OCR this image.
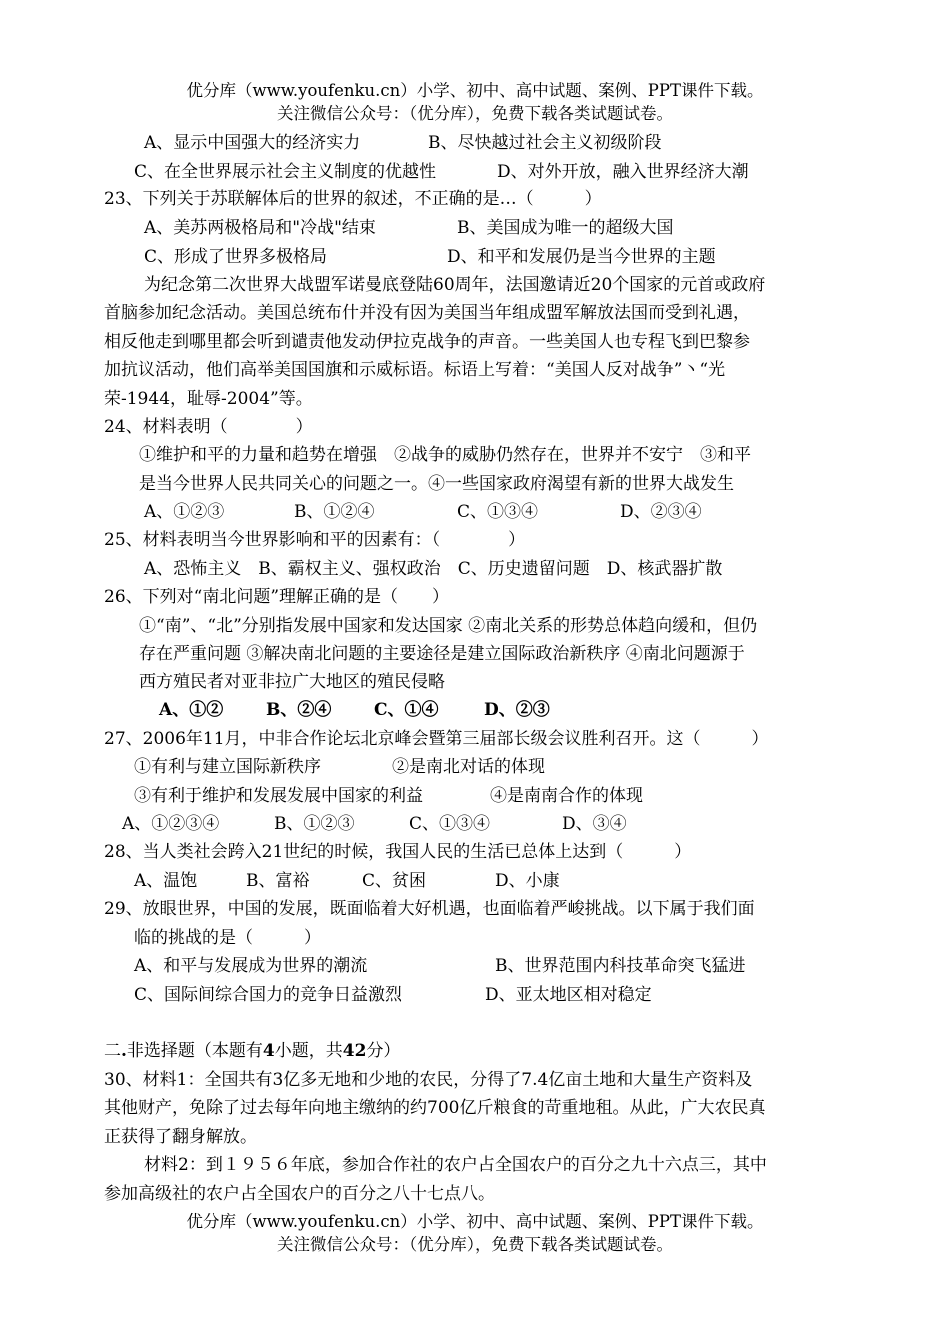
优分库（www.youfenku.cn）小学、初中、高中试题、案例、PPT课件下载。
关注微信公众号：（优分库），免费下载各类试题试卷。
A、显示中国强大的经济实力	B、尽快越过社会主义初级阶段
C、在全世界展示社会主义制度的优越性	D、对外开放，融入世界经济大潮
23、下列关于苏联解体后的世界的叙述，不正确的是…（　　　）
A、美苏两极格局和"冷战"结束	B、美国成为唯一的超级大国
C、形成了世界多极格局	D、和平和发展仍是当今世界的主题
为纪念第二次世界大战盟军诺曼底登陆60周年，法国邀请近20个国家的元首或政府
首脑参加纪念活动。美国总统布什并没有因为美国当年组成盟军解放法国而受到礼遇，
相反他走到哪里都会听到谴责他发动伊拉克战争的声音。一些美国人也专程飞到巴黎参
加抗议活动，他们高举美国国旗和示威标语。标语上写着：“美国人反对战争”丶“光
荣-1944，耻辱-2004”等。
24、材料表明（　　　　）
①维护和平的力量和趋势在增强　②战争的威胁仍然存在，世界并不安宁　③和平
是当今世界人民共同关心的问题之一。④一些国家政府渴望有新的世界大战发生
A、①②③	B、①②④	C、①③④	D、②③④
25、材料表明当今世界影响和平的因素有：（　　　　）
A、恐怖主义　B、霸权主义、强权政治　C、历史遗留问题　D、核武器扩散
26、下列对“南北问题”理解正确的是（　　）
①“南”、“北”分别指发展中国家和发达国家 ②南北关系的形势总体趋向缓和，但仍
存在严重问题 ③解决南北问题的主要途径是建立国际政治新秩序 ④南北问题源于
西方殖民者对亚非拉广大地区的殖民侵略
A、①②	B、②④	C、①④	D、②③
27、2006年11月，中非合作论坛北京峰会暨第三届部长级会议胜利召开。这（　　　）
①有利与建立国际新秩序	②是南北对话的体现
③有利于维护和发展发展中国家的利益	④是南南合作的体现
A、①②③④	B、①②③	C、①③④	D、③④
28、当人类社会跨入21世纪的时候，我国人民的生活已总体上达到（　　　）
A、温饱	B、富裕	C、贫困	D、小康
29、放眼世界，中国的发展，既面临着大好机遇，也面临着严峻挑战。以下属于我们面
临的挑战的是（　　　）
A、和平与发展成为世界的潮流	B、世界范围内科技革命突飞猛进
C、国际间综合国力的竞争日益激烈	D、亚太地区相对稳定
二.非选择题（本题有4小题，共42分）
30、材料1：全国共有3亿多无地和少地的农民，分得了7.4亿亩土地和大量生产资料及
其他财产，免除了过去每年向地主缴纳的约700亿斤粮食的苛重地租。从此，广大农民真
正获得了翻身解放。
材料2：到１９５６年底，参加合作社的农户占全国农户的百分之九十六点三，其中
参加高级社的农户占全国农户的百分之八十七点八。
优分库（www.youfenku.cn）小学、初中、高中试题、案例、PPT课件下载。
关注微信公众号：（优分库），免费下载各类试题试卷。
